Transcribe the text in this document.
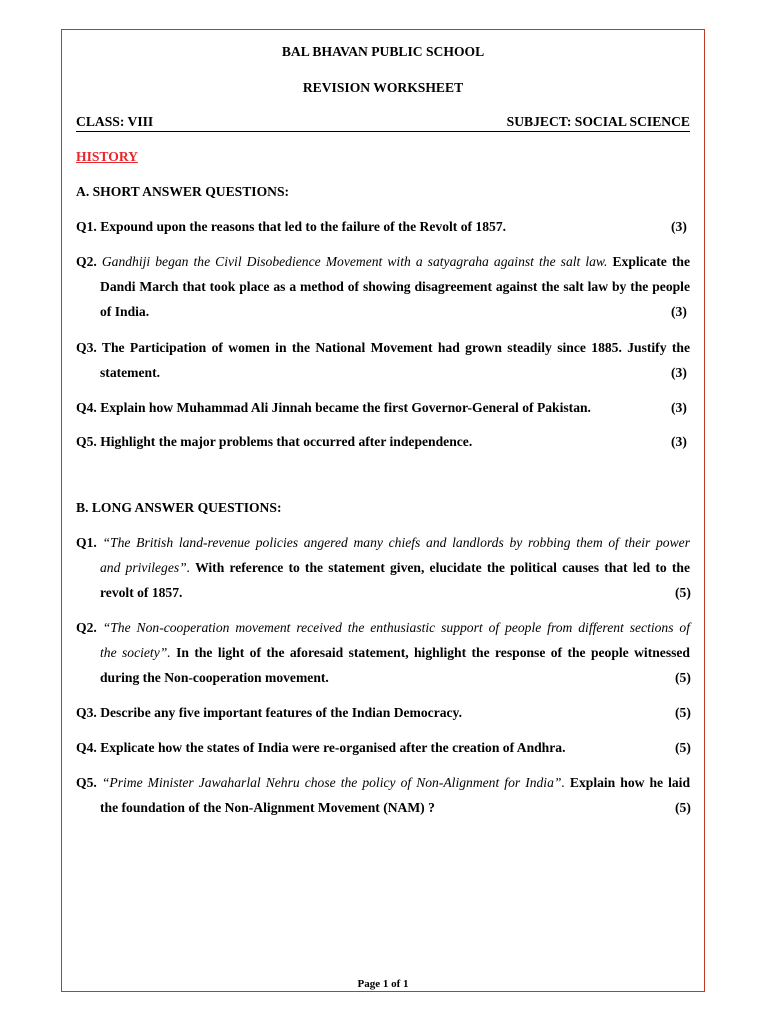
BAL BHAVAN PUBLIC SCHOOL
REVISION WORKSHEET
CLASS: VIII	SUBJECT: SOCIAL SCIENCE
HISTORY
A. SHORT ANSWER QUESTIONS:
Q1. Expound upon the reasons that led to the failure of the Revolt of 1857.	(3)
Q2. Gandhiji began the Civil Disobedience Movement with a satyagraha against the salt law. Explicate the
Dandi March that took place as a method of showing disagreement against the salt law by the people
of India.	(3)
Q3. The Participation of women in the National Movement had grown steadily since 1885. Justify the
statement.	(3)
Q4. Explain how Muhammad Ali Jinnah became the first Governor-General of Pakistan.	(3)
Q5. Highlight the major problems that occurred after independence.	(3)
B. LONG ANSWER QUESTIONS:
Q1. “The British land-revenue policies angered many chiefs and landlords by robbing them of their power
and privileges”. With reference to the statement given, elucidate the political causes that led to the
revolt of 1857.	(5)
Q2. “The Non-cooperation movement received the enthusiastic support of people from different sections of
the society”. In the light of the aforesaid statement, highlight the response of the people witnessed
during the Non-cooperation movement.	(5)
Q3. Describe any five important features of the Indian Democracy.	(5)
Q4. Explicate how the states of India were re-organised after the creation of Andhra.	(5)
Q5. “Prime Minister Jawaharlal Nehru chose the policy of Non-Alignment for India”. Explain how he laid
the foundation of the Non-Alignment Movement (NAM) ?	(5)
Page 1 of 1
